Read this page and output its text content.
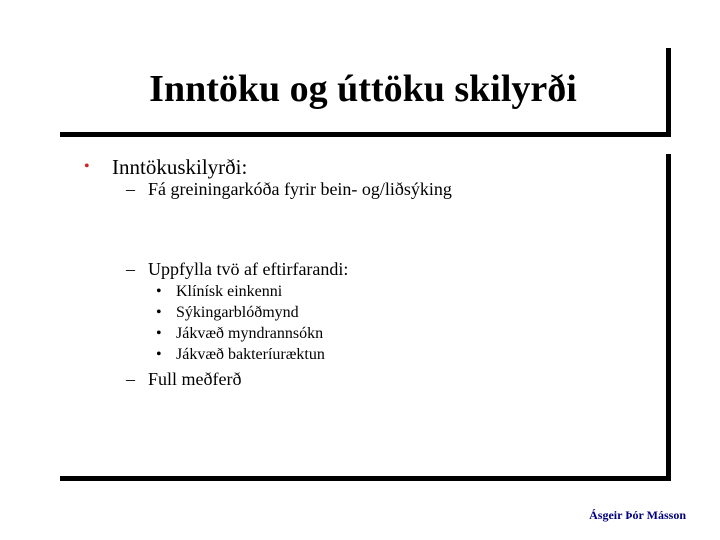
Inntöku og úttöku skilyrði
• Inntökuskilyrði:
– Fá greiningarkóða fyrir bein- og/liðsýking
– Uppfylla tvö af eftirfarandi:
• Klínísk einkenni
• Sýkingarblóðmynd
• Jákvæð myndrannsókn
• Jákvæð bakteríuræktun
– Full meðferð
Ásgeir Þór Másson
